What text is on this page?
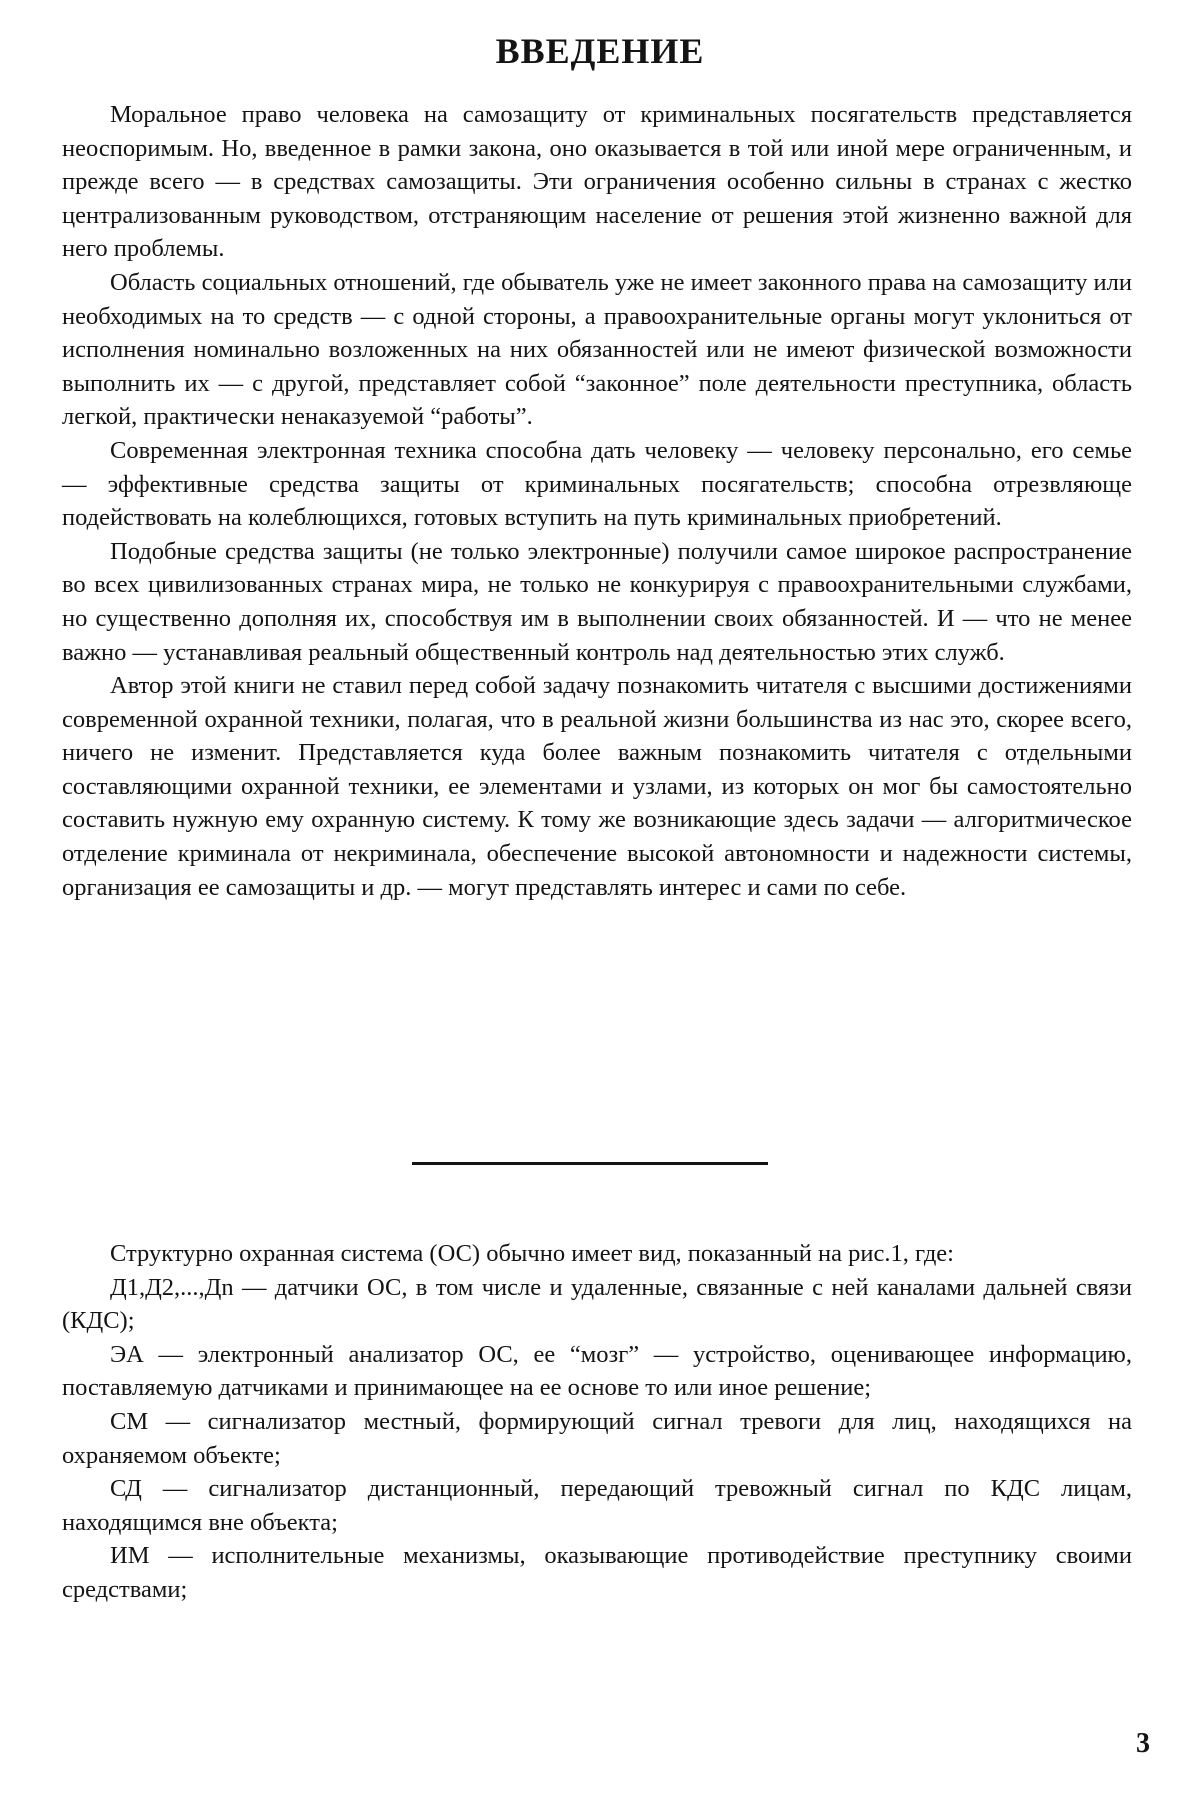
ВВЕДЕНИЕ

Моральное право человека на самозащиту от криминальных посягательств представляется неоспоримым. Но, введенное в рамки закона, оно оказывается в той или иной мере ограниченным, и прежде всего — в средствах самозащиты. Эти ограничения особенно сильны в странах с жестко централизованным руководством, отстраняющим население от решения этой жизненно важной для него проблемы.

Область социальных отношений, где обыватель уже не имеет законного права на самозащиту или необходимых на то средств — с одной стороны, а правоохранительные органы могут уклониться от исполнения номинально возложенных на них обязанностей или не имеют физической возможности выполнить их — с другой, представляет собой “законное” поле деятельности преступника, область легкой, практически ненаказуемой “работы”.

Современная электронная техника способна дать человеку — человеку персонально, его семье — эффективные средства защиты от криминальных посягательств; способна отрезвляюще подействовать на колеблющихся, готовых вступить на путь криминальных приобретений.

Подобные средства защиты (не только электронные) получили самое широкое распространение во всех цивилизованных странах мира, не только не конкурируя с правоохранительными службами, но существенно дополняя их, способствуя им в выполнении своих обязанностей. И — что не менее важно — устанавливая реальный общественный контроль над деятельностью этих служб.

Автор этой книги не ставил перед собой задачу познакомить читателя с высшими достижениями современной охранной техники, полагая, что в реальной жизни большинства из нас это, скорее всего, ничего не изменит. Представляется куда более важным познакомить читателя с отдельными составляющими охранной техники, ее элементами и узлами, из которых он мог бы самостоятельно составить нужную ему охранную систему. К тому же возникающие здесь задачи — алгоритмическое отделение криминала от некриминала, обеспечение высокой автономности и надежности системы, организация ее самозащиты и др. — могут представлять интерес и сами по себе.

Структурно охранная система (ОС) обычно имеет вид, показанный на рис.1, где:

Д1,Д2,...,Дn — датчики ОС, в том числе и удаленные, связанные с ней каналами дальней связи (КДС);

ЭА — электронный анализатор ОС, ее “мозг” — устройство, оценивающее информацию, поставляемую датчиками и принимающее на ее основе то или иное решение;

СМ — сигнализатор местный, формирующий сигнал тревоги для лиц, находящихся на охраняемом объекте;

СД — сигнализатор дистанционный, передающий тревожный сигнал по КДС лицам, находящимся вне объекта;

ИМ — исполнительные механизмы, оказывающие противодействие преступнику своими средствами;

3
